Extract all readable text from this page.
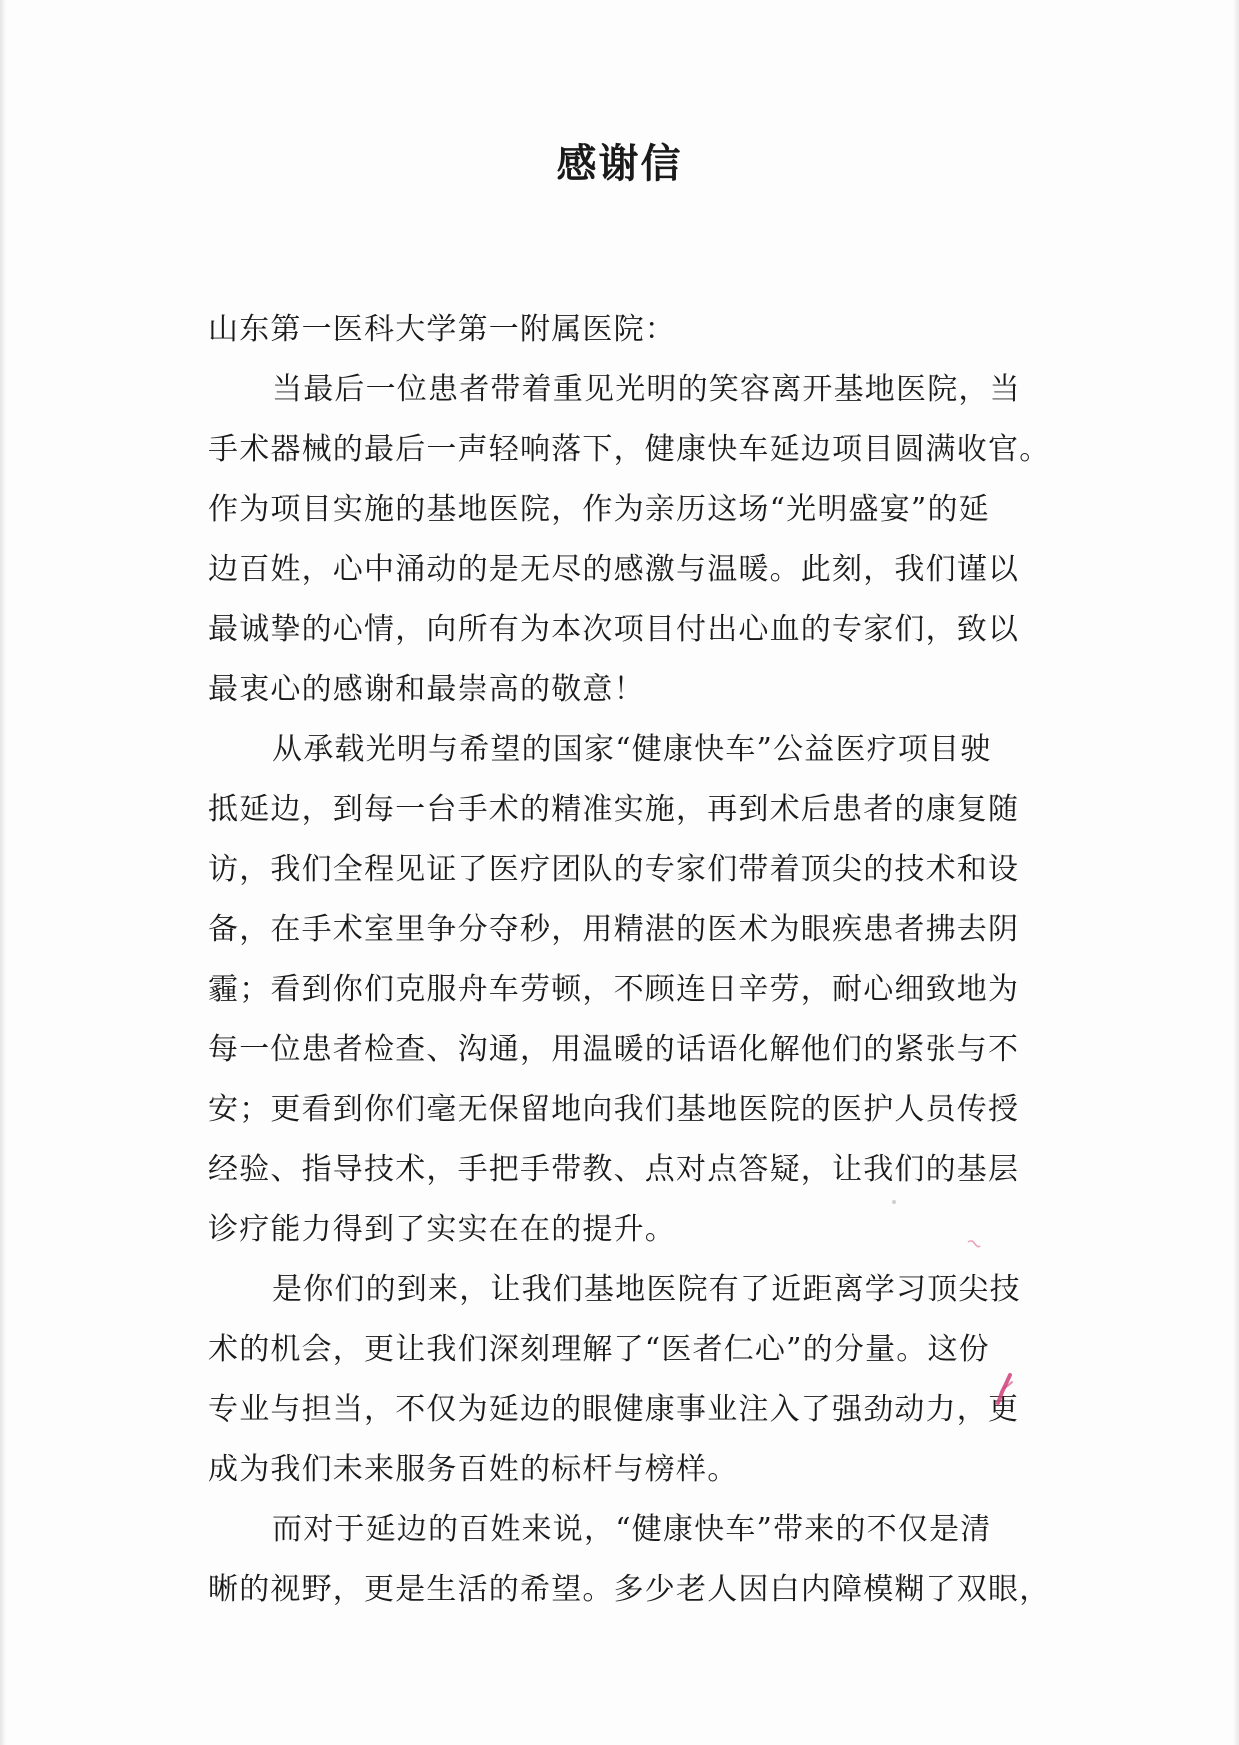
感谢信
山东第一医科大学第一附属医院：
当最后一位患者带着重见光明的笑容离开基地医院，当
手术器械的最后一声轻响落下，健康快车延边项目圆满收官。
作为项目实施的基地医院，作为亲历这场“光明盛宴”的延
边百姓，心中涌动的是无尽的感激与温暖。此刻，我们谨以
最诚挚的心情，向所有为本次项目付出心血的专家们，致以
最衷心的感谢和最崇高的敬意！
从承载光明与希望的国家“健康快车”公益医疗项目驶
抵延边，到每一台手术的精准实施，再到术后患者的康复随
访，我们全程见证了医疗团队的专家们带着顶尖的技术和设
备，在手术室里争分夺秒，用精湛的医术为眼疾患者拂去阴
霾；看到你们克服舟车劳顿，不顾连日辛劳，耐心细致地为
每一位患者检查、沟通，用温暖的话语化解他们的紧张与不
安；更看到你们毫无保留地向我们基地医院的医护人员传授
经验、指导技术，手把手带教、点对点答疑，让我们的基层
诊疗能力得到了实实在在的提升。
是你们的到来，让我们基地医院有了近距离学习顶尖技
术的机会，更让我们深刻理解了“医者仁心”的分量。这份
专业与担当，不仅为延边的眼健康事业注入了强劲动力，更
成为我们未来服务百姓的标杆与榜样。
而对于延边的百姓来说，“健康快车”带来的不仅是清
晰的视野，更是生活的希望。多少老人因白内障模糊了双眼，
